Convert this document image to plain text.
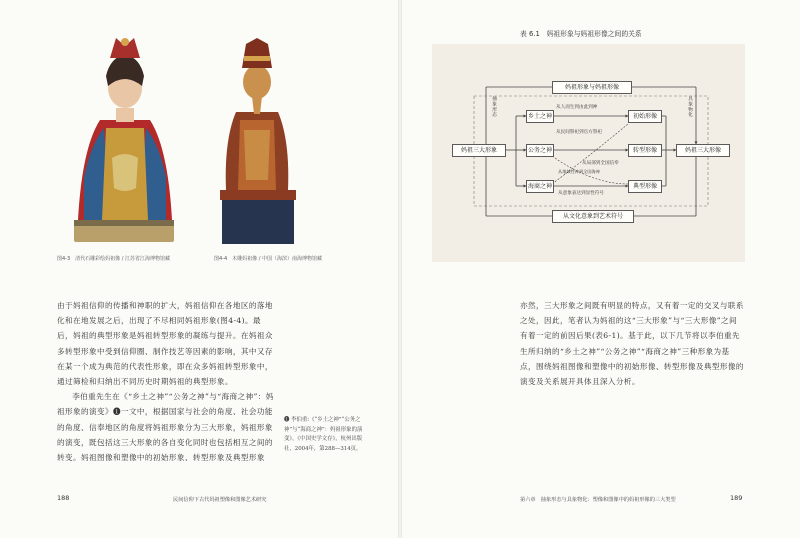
图4-3　清代石雕彩绘妈祖像 / 江苏省江海博物馆藏	图4-4　木雕妈祖像 / 中国（海滨）南海博物馆藏

由于妈祖信仰的传播和神职的扩大，妈祖信仰在各地区的落地化和在地发展之后，出现了不尽相同妈祖形象(图4-4)。最后，妈祖的典型形象是妈祖转型形象的凝练与提升。在妈祖众多转型形象中受到信仰圈、制作技艺等因素的影响，其中又存在某一个成为典范的代表性形象，即在众多妈祖转型形象中，通过筛检和归纳出不同历史时期妈祖的典型形象。

李伯重先生在《“乡土之神”“公务之神”与“海商之神”：妈祖形象的演变》❶一文中，根据国家与社会的角度、社会功能的角度、信奉地区的角度将妈祖形象分为三大形象，妈祖形象的演变，既包括这三大形象的各自变化同时也包括相互之间的转变。妈祖图像和塑像中的初始形象、转型形象及典型形象

❶ 李伯重:《“乡土之神”“公务之神”与“海商之神”：妈祖形象的演变》，《中国史学文存》，杭州出版社，2004年，第288—314页。
188	民间信仰下古代妈祖塑像和图像艺术研究
表 6.1　妈祖形象与妈祖形像之间的关系
妈祖形象与妈祖形像
妈祖三大形象	妈祖三大形像
乡土之神
公务之神
海商之神
初始形像
转型形像
典型形像
从文化意象到艺术符号
从人而生到由此到神
从民间祭祀到官方祭祀
从局部到全国信奉
从地域性神到全国海神
从意象表达到显性符号
抽象形态	具象物化

亦然，三大形象之间既有明显的特点，又有着一定的交叉与联系之处，因此，笔者认为妈祖的这“三大形象”与“三大形像”之间有着一定的前因后果(表6-1)。基于此，以下几节将以李伯重先生所归纳的“乡土之神”“公务之神”“海商之神”三种形象为基点，围绕妈祖图像和塑像中的初始形像、转型形像及典型形像的演变及关系展开具体且深入分析。

第六章　抽象形态与具象物化：塑像和图像中的妈祖形像的三大类型	189
